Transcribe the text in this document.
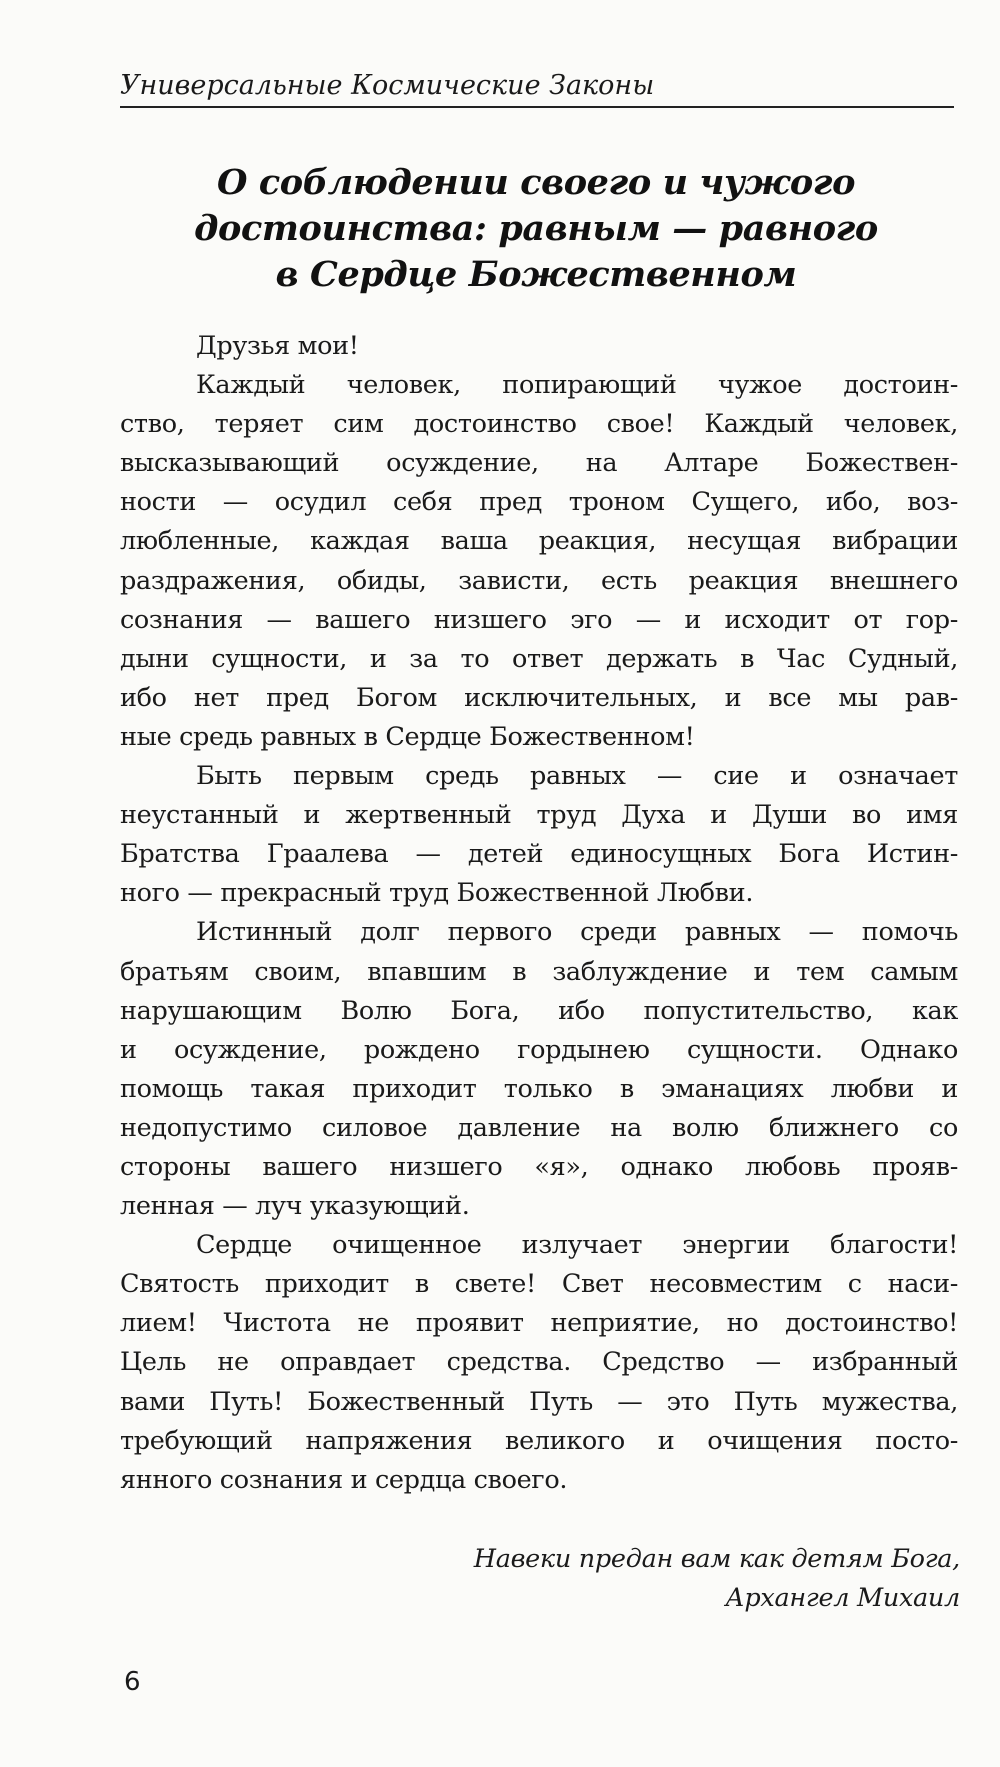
Универсальные Космические Законы
О соблюдении своего и чужого
достоинства: равным — равного
в Сердце Божественном
Друзья мои!
Каждый человек, попирающий чужое достоин-
ство, теряет сим достоинство свое! Каждый человек,
высказывающий осуждение, на Алтаре Божествен-
ности — осудил себя пред троном Сущего, ибо, воз-
любленные, каждая ваша реакция, несущая вибрации
раздражения, обиды, зависти, есть реакция внешнего
сознания — вашего низшего эго — и исходит от гор-
дыни сущности, и за то ответ держать в Час Судный,
ибо нет пред Богом исключительных, и все мы рав-
ные средь равных в Сердце Божественном!
Быть первым средь равных — сие и означает
неустанный и жертвенный труд Духа и Души во имя
Братства Граалева — детей единосущных Бога Истин-
ного — прекрасный труд Божественной Любви.
Истинный долг первого среди равных — помочь
братьям своим, впавшим в заблуждение и тем самым
нарушающим Волю Бога, ибо попустительство, как
и осуждение, рождено гордынею сущности. Однако
помощь такая приходит только в эманациях любви и
недопустимо силовое давление на волю ближнего со
стороны вашего низшего «я», однако любовь прояв-
ленная — луч указующий.
Сердце очищенное излучает энергии благости!
Святость приходит в свете! Свет несовместим с наси-
лием! Чистота не проявит неприятие, но достоинство!
Цель не оправдает средства. Средство — избранный
вами Путь! Божественный Путь — это Путь мужества,
требующий напряжения великого и очищения посто-
янного сознания и сердца своего.
Навеки предан вам как детям Бога,
Архангел Михаил
6
